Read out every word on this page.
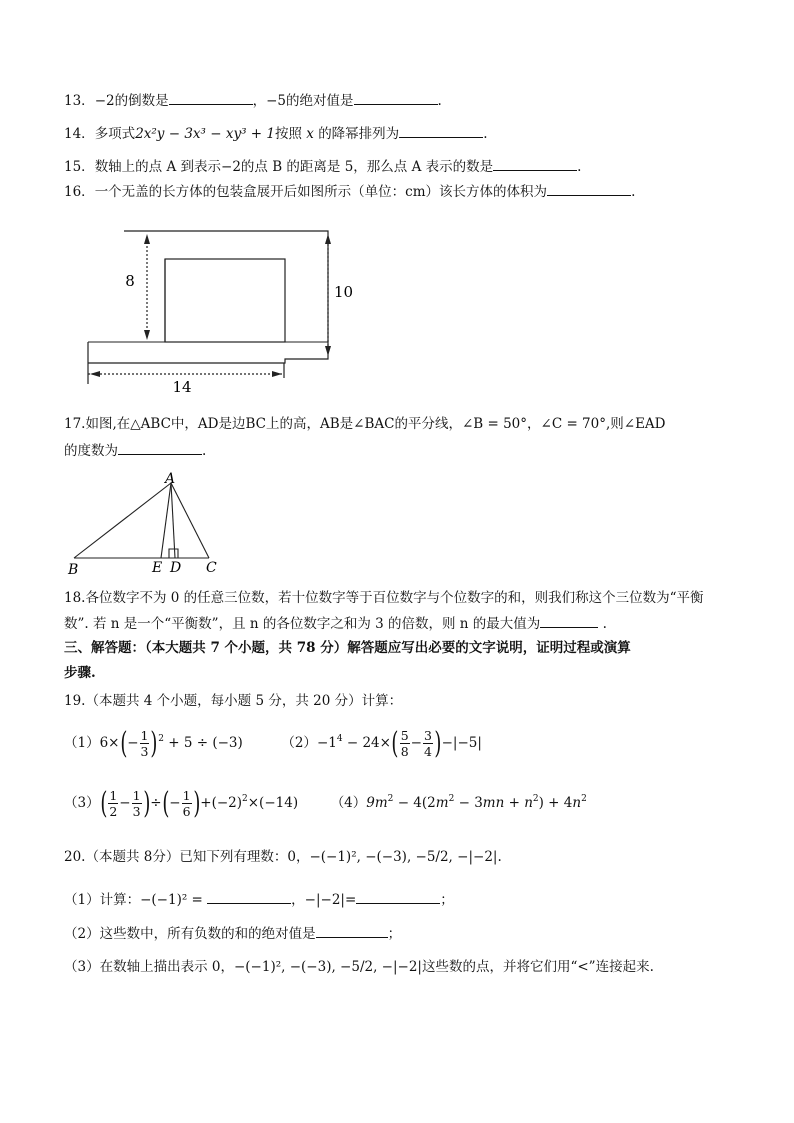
13．−2的倒数是	，−5的绝对值是	.
14．多项式2x²y − 3x³ − xy³ + 1按照 x 的降幂排列为	.
15．数轴上的点 A 到表示−2的点 B 的距离是 5，那么点 A 表示的数是	.
16．一个无盖的长方体的包装盒展开后如图所示（单位：cm）该长方体的体积为	.
8
10
14
17.如图,在△ABC中，AD是边BC上的高，AB是∠BAC的平分线，∠B = 50°，∠C = 70°,则∠EAD
的度数为	.
A
B	E D C
18.各位数字不为 0 的任意三位数，若十位数字等于百位数字与个位数字的和，则我们称这个三位数为“平衡
数”. 若 n 是一个“平衡数”，且 n 的各位数字之和为 3 的倍数，则 n 的最大值为	.
三、解答题：（本大题共 7 个小题，共 78 分）解答题应写出必要的文字说明，证明过程或演算
步骤.
19.（本题共 4 个小题，每小题 5 分，共 20 分）计算：
$(1)6\times(- \frac{1}{3} )^2 + 5 \div (-3)$	$(2)-1^4 - 24\times( \frac{5}{8} - \frac{3}{4} )-|-5|$
$(3)( \frac{1}{2} - \frac{1}{3}$ )÷(− $\frac{1}{6} )+(-2)^2\times(-14)$  $(4)9m^2 - 4(2m^2 - 3mn + n^2) + 4n^2$
20.（本题共 8分）已知下列有理数：0，−(−1)², −(−3), −5/2, −|−2|.
（1）计算：−(−1)² =	，−|−2|=	；
（2）这些数中，所有负数的和的绝对值是	；
（3）在数轴上描出表示 0，−(−1)², −(−3), −5/2, −|−2|这些数的点，并将它们用“<”连接起来.
